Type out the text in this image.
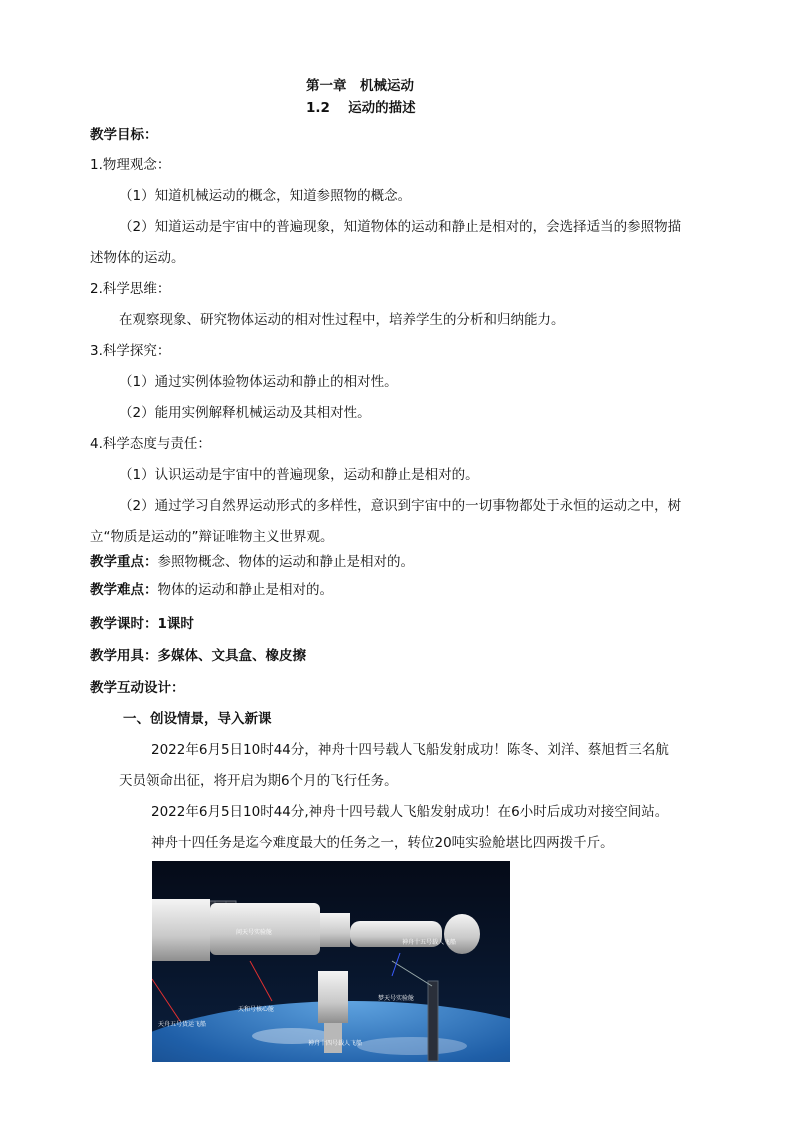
第一章　机械运动
1.2　 运动的描述
教学目标：
1.物理观念：
（1）知道机械运动的概念，知道参照物的概念。
（2）知道运动是宇宙中的普遍现象，知道物体的运动和静止是相对的，会选择适当的参照物描
述物体的运动。
2.科学思维：
在观察现象、研究物体运动的相对性过程中，培养学生的分析和归纳能力。
3.科学探究：
（1）通过实例体验物体运动和静止的相对性。
（2）能用实例解释机械运动及其相对性。
4.科学态度与责任：
（1）认识运动是宇宙中的普遍现象，运动和静止是相对的。
（2）通过学习自然界运动形式的多样性，意识到宇宙中的一切事物都处于永恒的运动之中，树
立“物质是运动的”辩证唯物主义世界观。
教学重点：参照物概念、物体的运动和静止是相对的。
教学难点：物体的运动和静止是相对的。
教学课时：1课时
教学用具：多媒体、文具盒、橡皮擦
教学互动设计：
一、创设情景，导入新课
2022年6月5日10时44分，神舟十四号载人飞船发射成功！陈冬、刘洋、蔡旭哲三名航
天员领命出征，将开启为期6个月的飞行任务。
2022年6月5日10时44分,神舟十四号载人飞船发射成功！在6小时后成功对接空间站。
神舟十四任务是迄今难度最大的任务之一，转位20吨实验舱堪比四两拨千斤。
问天号实验舱
神舟十五号载人飞船
天和号核心舱
梦天号实验舱
天舟五号货运飞船
神舟十四号载人飞船
